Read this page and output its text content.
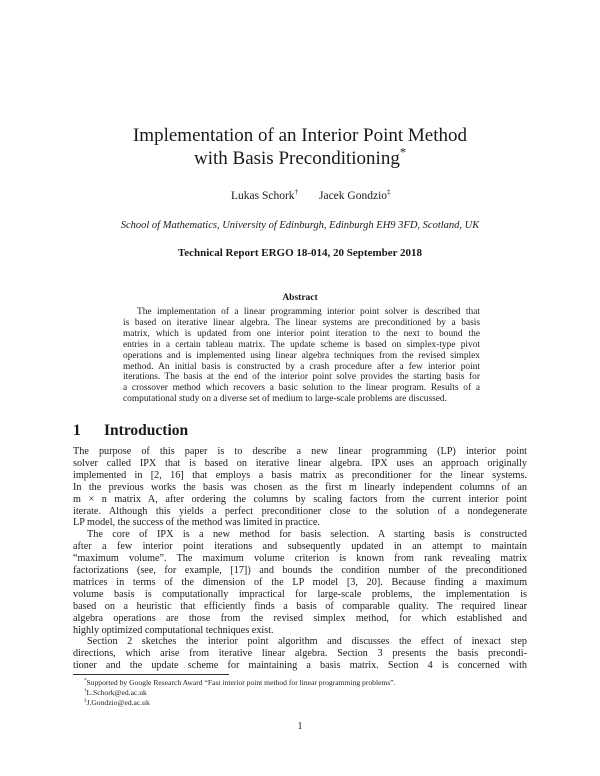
Implementation of an Interior Point Method
with Basis Preconditioning*
Lukas Schork† Jacek Gondzio‡
School of Mathematics, University of Edinburgh, Edinburgh EH9 3FD, Scotland, UK
Technical Report ERGO 18-014, 20 September 2018
Abstract
The implementation of a linear programming interior point solver is described that
is based on iterative linear algebra. The linear systems are preconditioned by a basis
matrix, which is updated from one interior point iteration to the next to bound the
entries in a certain tableau matrix. The update scheme is based on simplex-type pivot
operations and is implemented using linear algebra techniques from the revised simplex
method. An initial basis is constructed by a crash procedure after a few interior point
iterations. The basis at the end of the interior point solve provides the starting basis for
a crossover method which recovers a basic solution to the linear program. Results of a
computational study on a diverse set of medium to large-scale problems are discussed.
1 Introduction
The purpose of this paper is to describe a new linear programming (LP) interior point
solver called IPX that is based on iterative linear algebra. IPX uses an approach originally
implemented in [2, 16] that employs a basis matrix as preconditioner for the linear systems.
In the previous works the basis was chosen as the first m linearly independent columns of an
m × n matrix A, after ordering the columns by scaling factors from the current interior point
iterate. Although this yields a perfect preconditioner close to the solution of a nondegenerate
LP model, the success of the method was limited in practice.
The core of IPX is a new method for basis selection. A starting basis is constructed
after a few interior point iterations and subsequently updated in an attempt to maintain
“maximum volume”. The maximum volume criterion is known from rank revealing matrix
factorizations (see, for example, [17]) and bounds the condition number of the preconditioned
matrices in terms of the dimension of the LP model [3, 20]. Because finding a maximum
volume basis is computationally impractical for large-scale problems, the implementation is
based on a heuristic that efficiently finds a basis of comparable quality. The required linear
algebra operations are those from the revised simplex method, for which established and
highly optimized computational techniques exist.
Section 2 sketches the interior point algorithm and discusses the effect of inexact step
directions, which arise from iterative linear algebra. Section 3 presents the basis precondi-
tioner and the update scheme for maintaining a basis matrix. Section 4 is concerned with
*Supported by Google Research Award “Fast interior point method for linear programming problems”.
†L.Schork@ed.ac.uk
‡J.Gondzio@ed.ac.uk
1
